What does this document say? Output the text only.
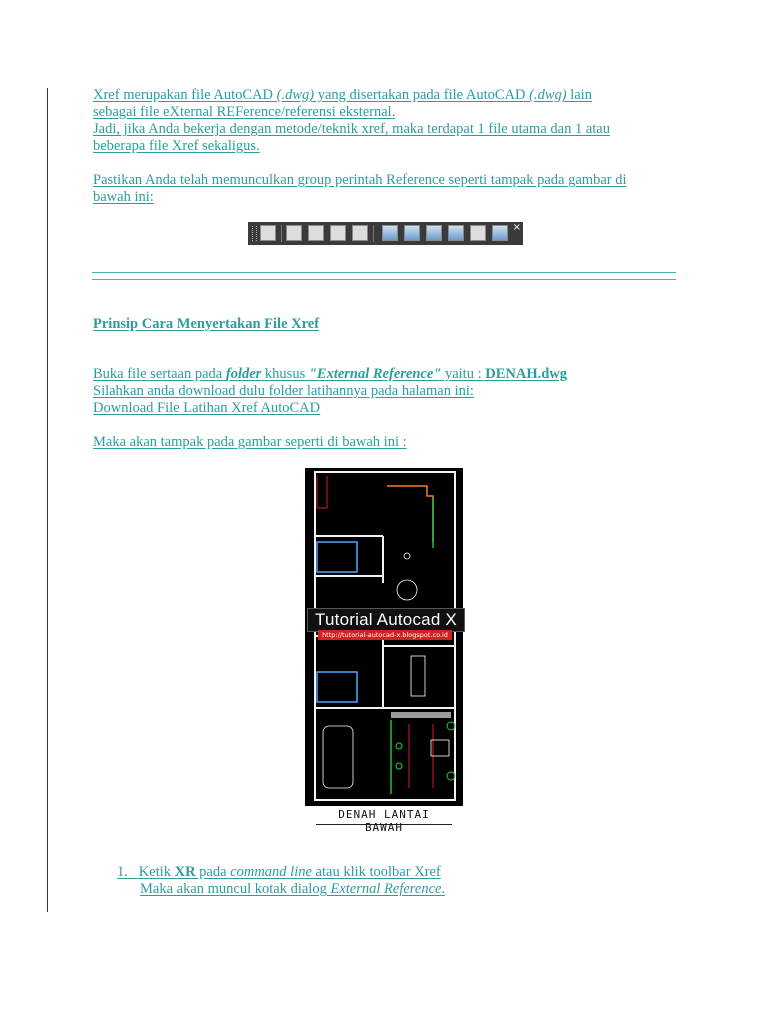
Xref merupakan file AutoCAD (.dwg) yang disertakan pada file AutoCAD (.dwg) lain
sebagai file eXternal REFerence/referensi eksternal.
Jadi, jika Anda bekerja dengan metode/teknik xref, maka terdapat 1 file utama dan 1 atau
beberapa file Xref sekaligus.
Pastikan Anda telah memunculkan group perintah Reference seperti tampak pada gambar di
bawah ini:
×
Prinsip Cara Menyertakan File Xref
Buka file sertaan pada folder khusus "External Reference" yaitu : DENAH.dwg
Silahkan anda download dulu folder latihannya pada halaman ini:
Download File Latihan Xref AutoCAD
Maka akan tampak pada gambar seperti di bawah ini :
Tutorial Autocad X
http://tutorial-autocad-x.blogspot.co.id
DENAH LANTAI BAWAH
1. Ketik XR pada command line atau klik toolbar Xref
Maka akan muncul kotak dialog External Reference.
